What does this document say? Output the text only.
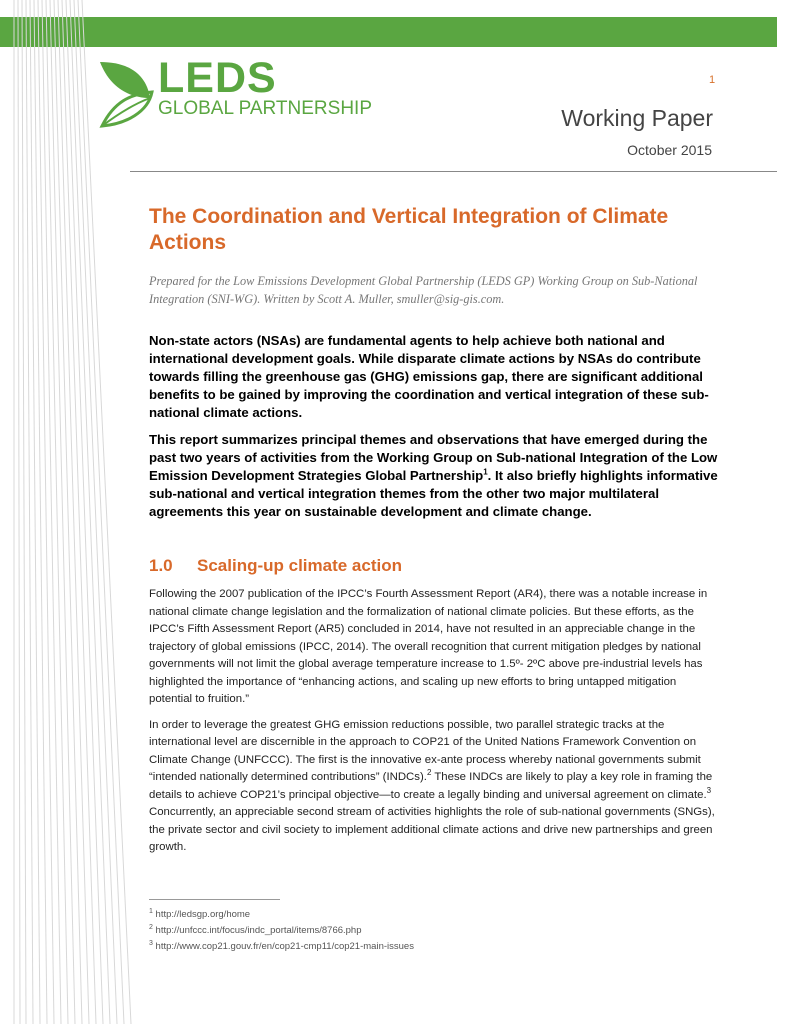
LEDS
GLOBAL PARTNERSHIP
1
Working Paper
October 2015
The Coordination and Vertical Integration of Climate Actions

Prepared for the Low Emissions Development Global Partnership (LEDS GP) Working Group on Sub-National Integration (SNI-WG). Written by Scott A. Muller, smuller@sig-gis.com.

Non-state actors (NSAs) are fundamental agents to help achieve both national and international development goals. While disparate climate actions by NSAs do contribute towards filling the greenhouse gas (GHG) emissions gap, there are significant additional benefits to be gained by improving the coordination and vertical integration of these sub-national climate actions.

This report summarizes principal themes and observations that have emerged during the past two years of activities from the Working Group on Sub-national Integration of the Low Emission Development Strategies Global Partnership$^1$. It also briefly highlights informative sub-national and vertical integration themes from the other two major multilateral agreements this year on sustainable development and climate change.

1.0 Scaling-up climate action

Following the 2007 publication of the IPCC’s Fourth Assessment Report (AR4), there was a notable increase in national climate change legislation and the formalization of national climate policies. But these efforts, as the IPCC’s Fifth Assessment Report (AR5) concluded in 2014, have not resulted in an appreciable change in the trajectory of global emissions (IPCC, 2014). The overall recognition that current mitigation pledges by national governments will not limit the global average temperature increase to 1.5º- 2ºC above pre-industrial levels has highlighted the importance of “enhancing actions, and scaling up new efforts to bring untapped mitigation potential to fruition.”

In order to leverage the greatest GHG emission reductions possible, two parallel strategic tracks at the international level are discernible in the approach to COP21 of the United Nations Framework Convention on Climate Change (UNFCCC). The first is the innovative ex-ante process whereby national governments submit “intended nationally determined contributions” (INDCs).$^2$ These INDCs are likely to play a key role in framing the details to achieve COP21’s principal objective—to create a legally binding and universal agreement on climate.$^3$ Concurrently, an appreciable second stream of activities highlights the role of sub-national governments (SNGs), the private sector and civil society to implement additional climate actions and drive new partnerships and green growth.

$^1$ http://ledsgp.org/home
$^2$ http://unfccc.int/focus/indc_portal/items/8766.php
$^3$ http://www.cop21.gouv.fr/en/cop21-cmp11/cop21-main-issues
